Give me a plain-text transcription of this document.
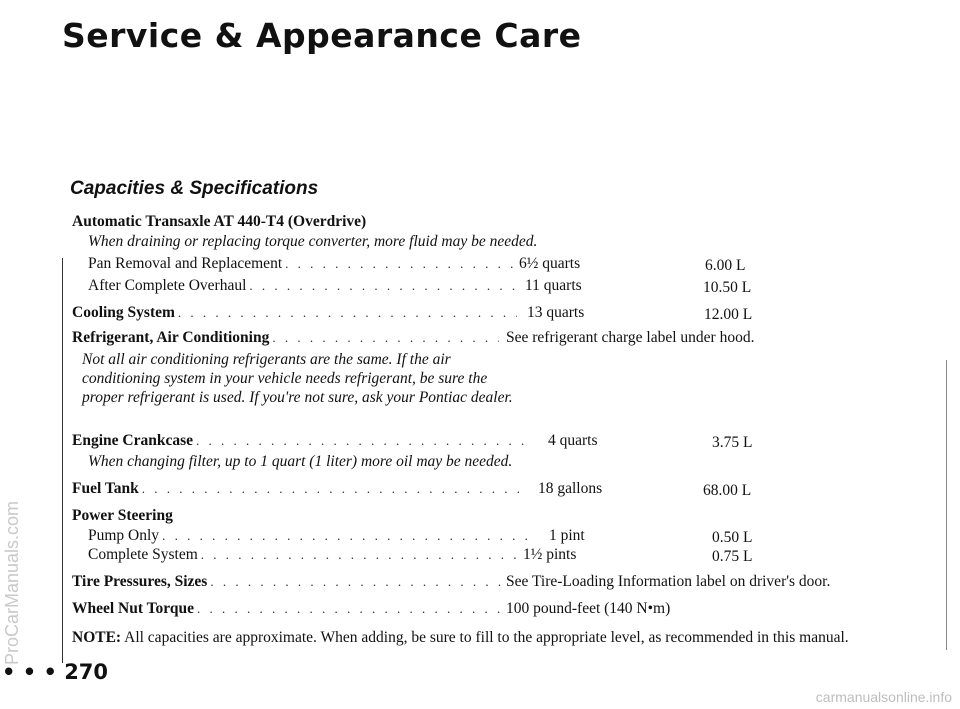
Service & Appearance Care
Capacities & Specifications
Automatic Transaxle AT 440-T4 (Overdrive)
When draining or replacing torque converter, more fluid may be needed.
Pan Removal and Replacement . . .	6½ quarts	6.00 L
After Complete Overhaul . . .	11 quarts	10.50 L
Cooling System . . .	13 quarts	12.00 L
Refrigerant, Air Conditioning . . .	See refrigerant charge label under hood.

Not all air conditioning refrigerants are the same. If the air conditioning system in your vehicle needs refrigerant, be sure the proper refrigerant is used. If you're not sure, ask your Pontiac dealer.

Engine Crankcase . . .	4 quarts	3.75 L
When changing filter, up to 1 quart (1 liter) more oil may be needed.
Fuel Tank . . .	18 gallons	68.00 L
Power Steering
Pump Only . . .	1 pint	0.50 L
Complete System . . .	1½ pints	0.75 L
Tire Pressures, Sizes . . .	See Tire-Loading Information label on driver's door.
Wheel Nut Torque . . .	100 pound-feet (140 N•m)
NOTE: All capacities are approximate. When adding, be sure to fill to the appropriate level, as recommended in this manual.
• • • 270
ProCarManuals.com
carmanualsonline.info
